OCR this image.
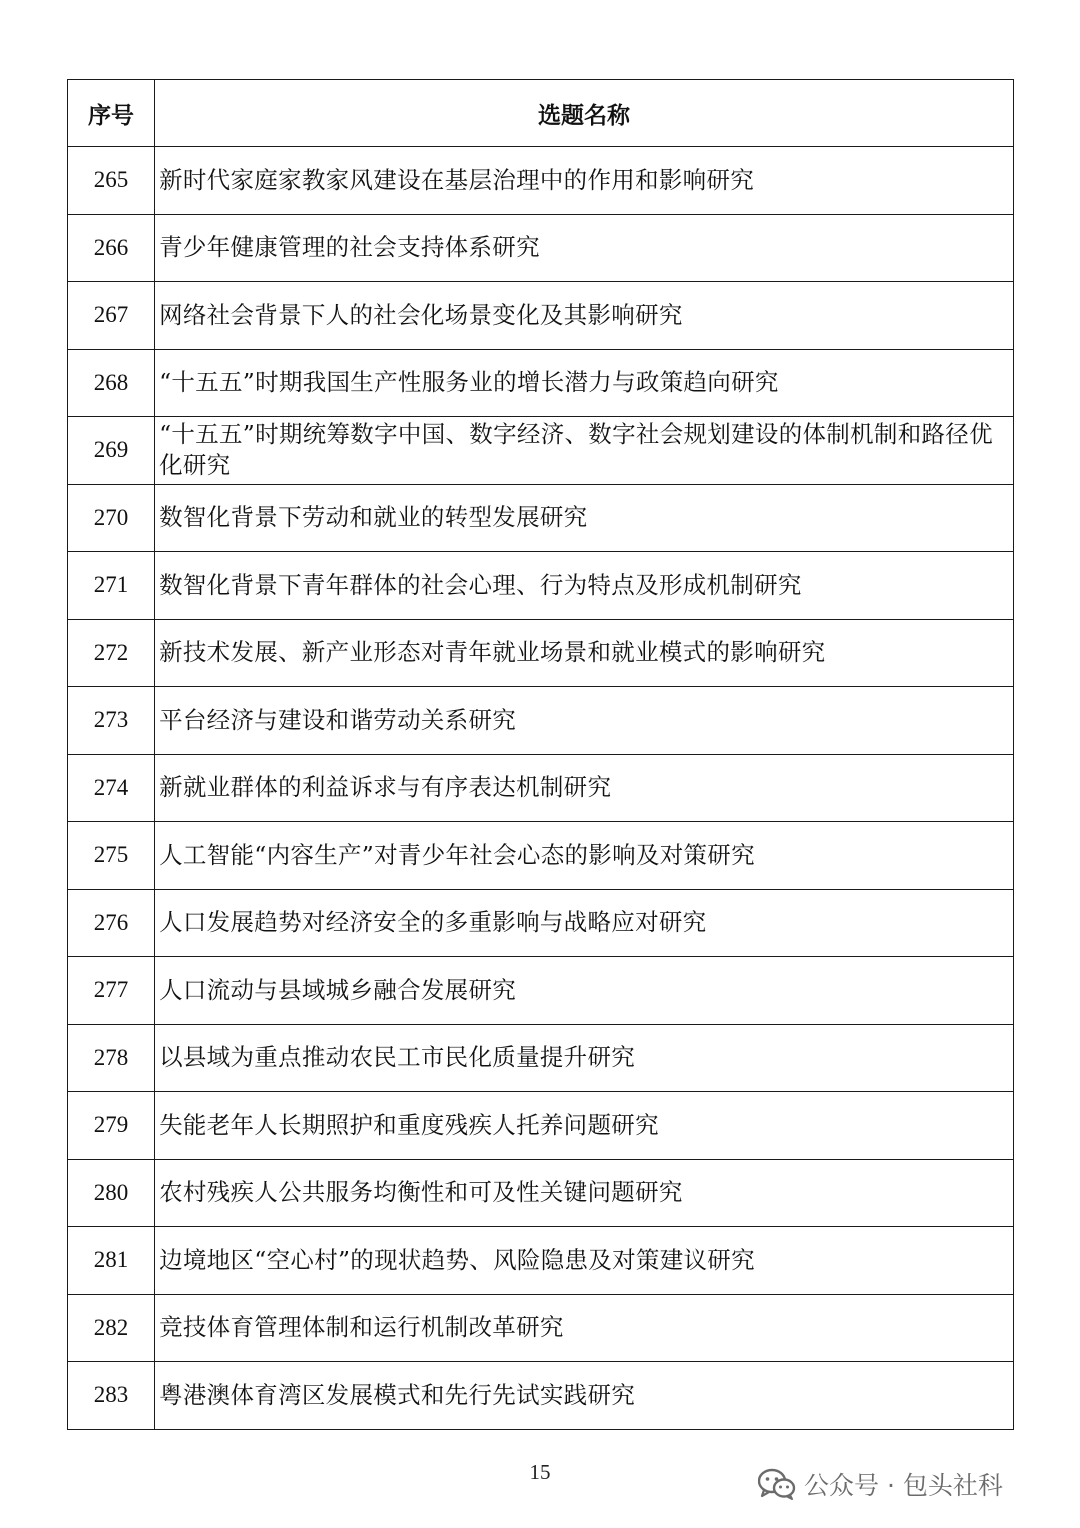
序号	选题名称
265	新时代家庭家教家风建设在基层治理中的作用和影响研究
266	青少年健康管理的社会支持体系研究
267	网络社会背景下人的社会化场景变化及其影响研究
268	“十五五”时期我国生产性服务业的增长潜力与政策趋向研究
269	“十五五”时期统筹数字中国、数字经济、数字社会规划建设的体制机制和路径优化研究
270	数智化背景下劳动和就业的转型发展研究
271	数智化背景下青年群体的社会心理、行为特点及形成机制研究
272	新技术发展、新产业形态对青年就业场景和就业模式的影响研究
273	平台经济与建设和谐劳动关系研究
274	新就业群体的利益诉求与有序表达机制研究
275	人工智能“内容生产”对青少年社会心态的影响及对策研究
276	人口发展趋势对经济安全的多重影响与战略应对研究
277	人口流动与县域城乡融合发展研究
278	以县域为重点推动农民工市民化质量提升研究
279	失能老年人长期照护和重度残疾人托养问题研究
280	农村残疾人公共服务均衡性和可及性关键问题研究
281	边境地区“空心村”的现状趋势、风险隐患及对策建议研究
282	竞技体育管理体制和运行机制改革研究
283	粤港澳体育湾区发展模式和先行先试实践研究
15	公众号 · 包头社科
